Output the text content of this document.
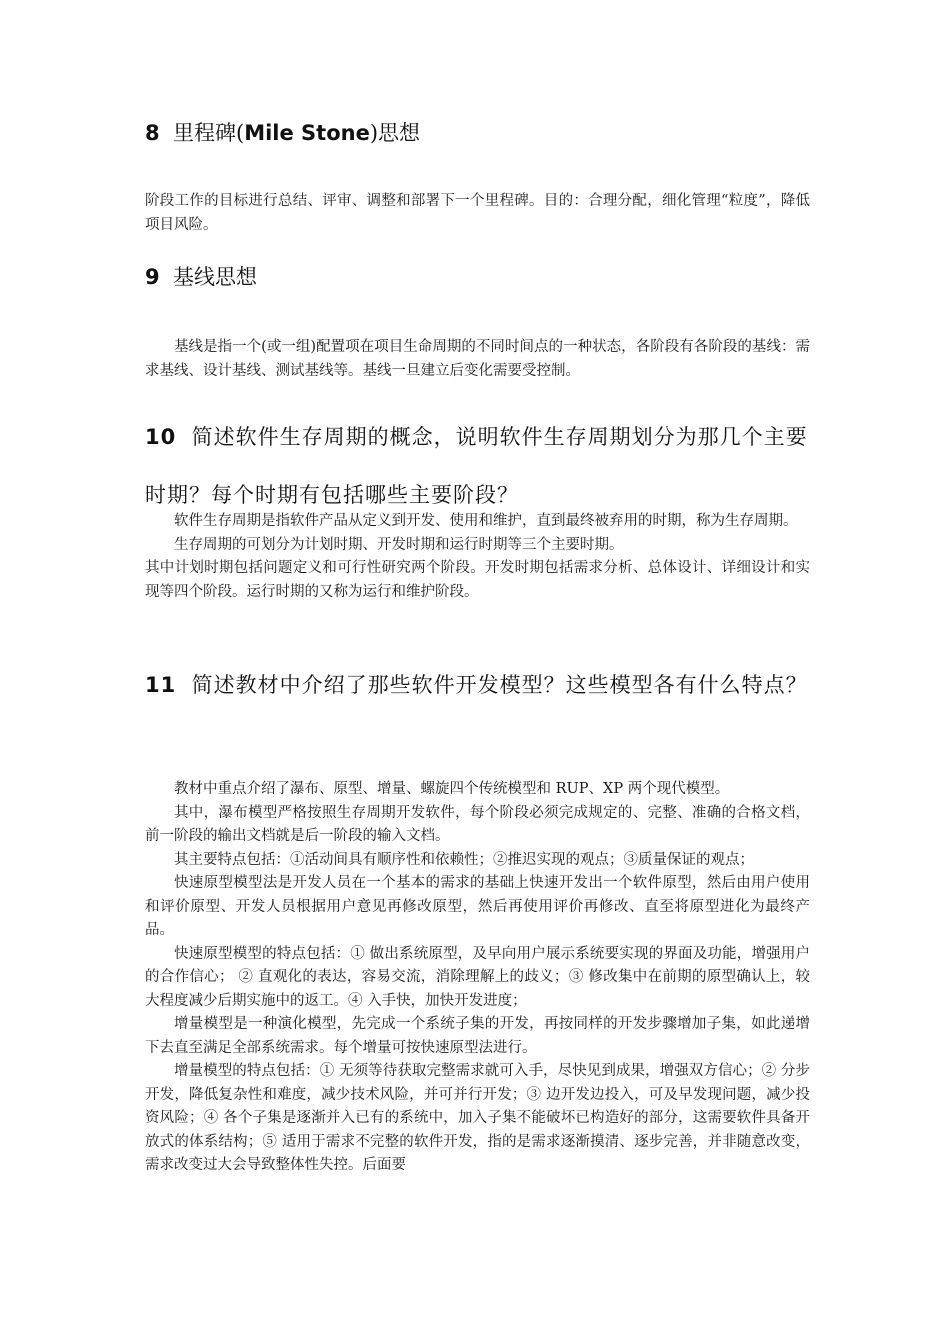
8 里程碑(Mile Stone)思想

阶段工作的目标进行总结、评审、调整和部署下一个里程碑。目的：合理分配，细化管理“粒度”，降低项目风险。

9 基线思想

基线是指一个(或一组)配置项在项目生命周期的不同时间点的一种状态，各阶段有各阶段的基线：需求基线、设计基线、测试基线等。基线一旦建立后变化需要受控制。

10 简述软件生存周期的概念，说明软件生存周期划分为那几个主要时期？每个时期有包括哪些主要阶段？

软件生存周期是指软件产品从定义到开发、使用和维护，直到最终被弃用的时期，称为生存周期。

生存周期的可划分为计划时期、开发时期和运行时期等三个主要时期。

其中计划时期包括问题定义和可行性研究两个阶段。开发时期包括需求分析、总体设计、详细设计和实现等四个阶段。运行时期的又称为运行和维护阶段。

11 简述教材中介绍了那些软件开发模型？这些模型各有什么特点？

教材中重点介绍了瀑布、原型、增量、螺旋四个传统模型和 RUP、XP 两个现代模型。

其中，瀑布模型严格按照生存周期开发软件，每个阶段必须完成规定的、完整、准确的合格文档，前一阶段的输出文档就是后一阶段的输入文档。

其主要特点包括：①活动间具有顺序性和依赖性；②推迟实现的观点；③质量保证的观点；

快速原型模型法是开发人员在一个基本的需求的基础上快速开发出一个软件原型，然后由用户使用和评价原型、开发人员根据用户意见再修改原型，然后再使用评价再修改、直至将原型进化为最终产品。

快速原型模型的特点包括：① 做出系统原型，及早向用户展示系统要实现的界面及功能，增强用户的合作信心； ② 直观化的表达，容易交流，消除理解上的歧义；③ 修改集中在前期的原型确认上，较大程度减少后期实施中的返工。④ 入手快，加快开发进度；

增量模型是一种演化模型，先完成一个系统子集的开发，再按同样的开发步骤增加子集，如此递增下去直至满足全部系统需求。每个增量可按快速原型法进行。

增量模型的特点包括：① 无须等待获取完整需求就可入手，尽快见到成果，增强双方信心；② 分步开发，降低复杂性和难度，减少技术风险，并可并行开发；③ 边开发边投入，可及早发现问题，减少投资风险；④ 各个子集是逐渐并入已有的系统中，加入子集不能破坏已构造好的部分，这需要软件具备开放式的体系结构；⑤ 适用于需求不完整的软件开发，指的是需求逐渐摸清、逐步完善，并非随意改变，需求改变过大会导致整体性失控。后面要
